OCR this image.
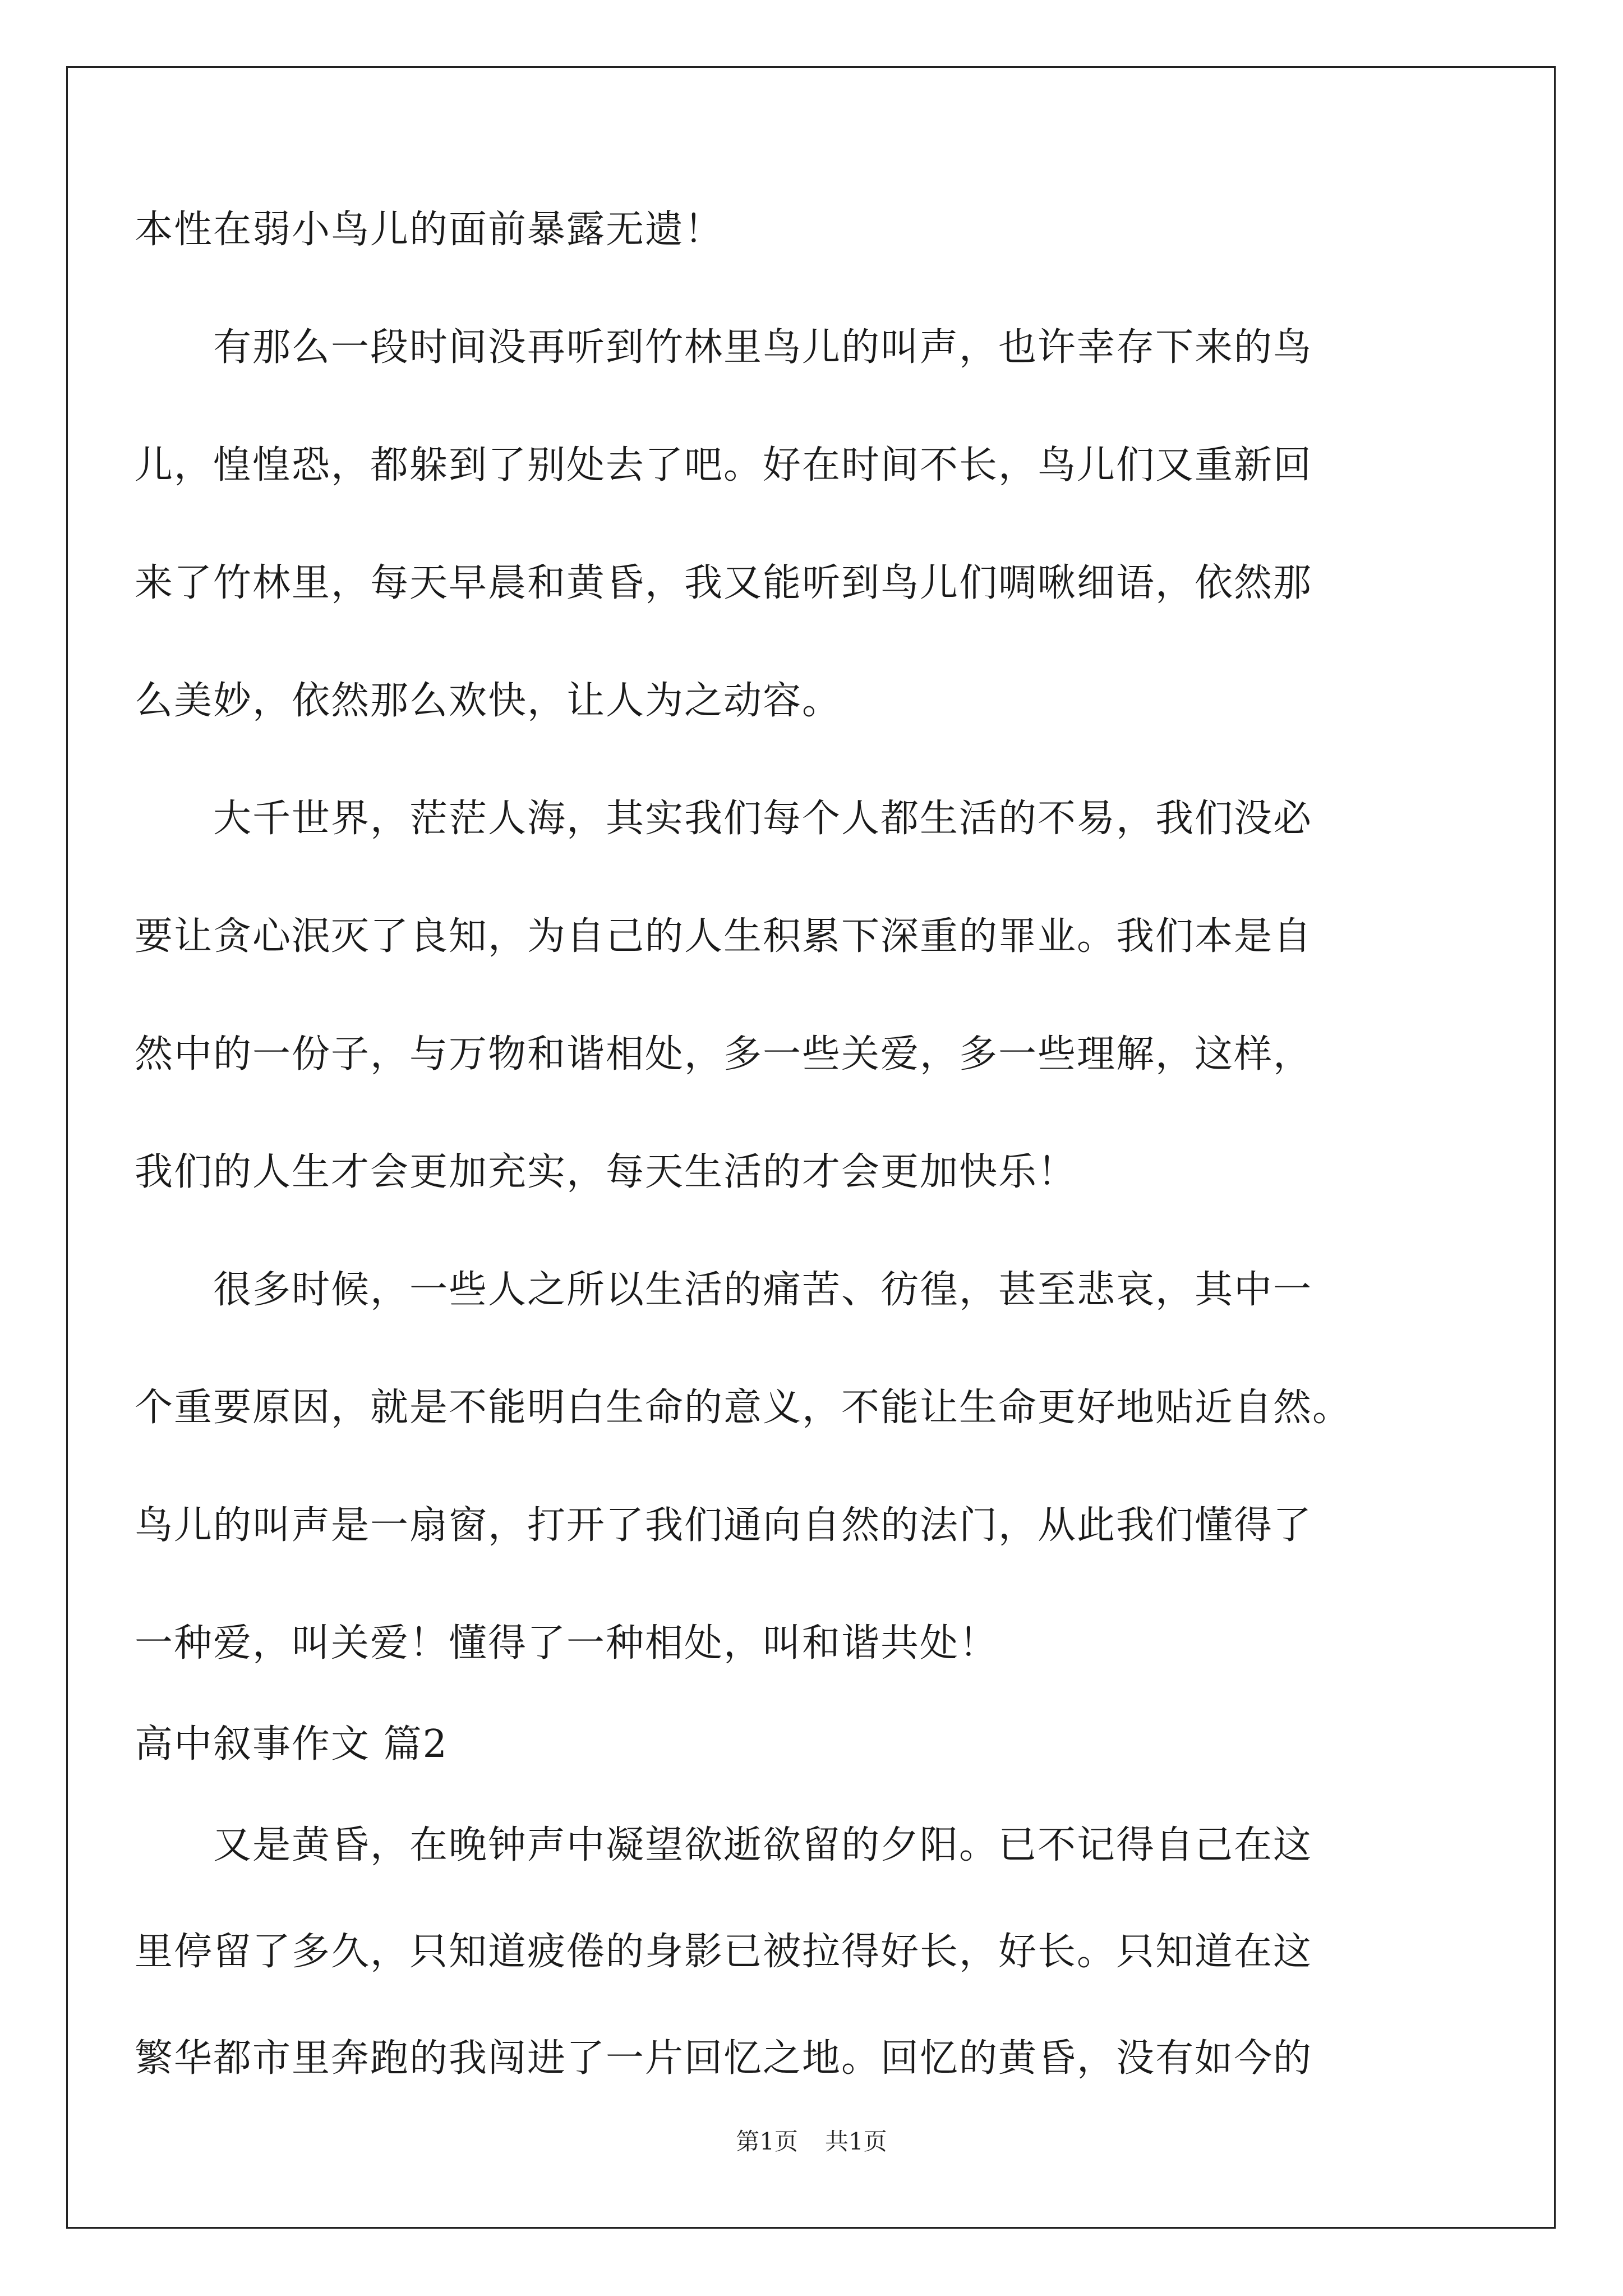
本性在弱小鸟儿的面前暴露无遗！
　　有那么一段时间没再听到竹林里鸟儿的叫声，也许幸存下来的鸟
儿，惶惶恐，都躲到了别处去了吧。好在时间不长，鸟儿们又重新回
来了竹林里，每天早晨和黄昏，我又能听到鸟儿们啁啾细语，依然那
么美妙，依然那么欢快，让人为之动容。
　　大千世界，茫茫人海，其实我们每个人都生活的不易，我们没必
要让贪心泯灭了良知，为自己的人生积累下深重的罪业。我们本是自
然中的一份子，与万物和谐相处，多一些关爱，多一些理解，这样，
我们的人生才会更加充实，每天生活的才会更加快乐！
　　很多时候，一些人之所以生活的痛苦、彷徨，甚至悲哀，其中一
个重要原因，就是不能明白生命的意义，不能让生命更好地贴近自然。
鸟儿的叫声是一扇窗，打开了我们通向自然的法门，从此我们懂得了
一种爱，叫关爱！懂得了一种相处，叫和谐共处！
高中叙事作文 篇2
　　又是黄昏，在晚钟声中凝望欲逝欲留的夕阳。已不记得自己在这
里停留了多久，只知道疲倦的身影已被拉得好长，好长。只知道在这
繁华都市里奔跑的我闯进了一片回忆之地。回忆的黄昏，没有如今的
第1页 共1页
